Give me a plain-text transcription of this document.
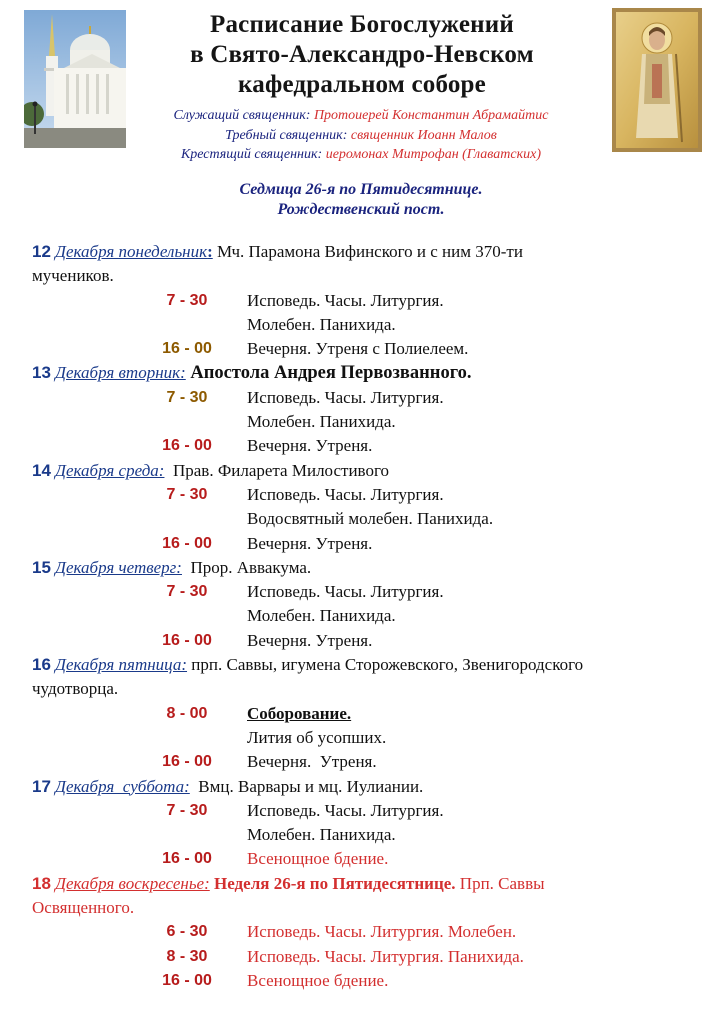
Расписание Богослужений
в Свято-Александро-Невском
кафедральном соборе
Служащий священник: Протоиерей Константин Абрамайтис
Требный священник: священник Иоанн Малов
Крестящий священник: иеромонах Митрофан (Главатских)
Седмица 26-я по Пятидесятнице.
Рождественский пост.
12 Декабря понедельник: Мч. Парамона Вифинского и с ним 370-ти
мучеников.
7 - 30	Исповедь. Часы. Литургия.
Молебен. Панихида.
16 - 00	Вечерня. Утреня с Полиелеем.
13 Декабря вторник: Апостола Андрея Первозванного.
7 - 30	Исповедь. Часы. Литургия.
Молебен. Панихида.
16 - 00	Вечерня. Утреня.
14 Декабря среда:  Прав. Филарета Милостивого
7 - 30	Исповедь. Часы. Литургия.
Водосвятный молебен. Панихида.
16 - 00	Вечерня. Утреня.
15 Декабря четверг:  Прор. Аввакума.
7 - 30	Исповедь. Часы. Литургия.
Молебен. Панихида.
16 - 00	Вечерня. Утреня.
16 Декабря пятница: прп. Саввы, игумена Сторожевского, Звенигородского
чудотворца.
8 - 00	Соборование.
Лития об усопших.
16 - 00	Вечерня.  Утреня.
17 Декабря  суббота:  Вмц. Варвары и мц. Иулиании.
7 - 30	Исповедь. Часы. Литургия.
Молебен. Панихида.
16 - 00	Всенощное бдение.
18 Декабря воскресенье: Неделя 26-я по Пятидесятнице. Прп. Саввы
Освященного.
6 - 30	Исповедь. Часы. Литургия. Молебен.
8 - 30	Исповедь. Часы. Литургия. Панихида.
16 - 00	Всенощное бдение.
